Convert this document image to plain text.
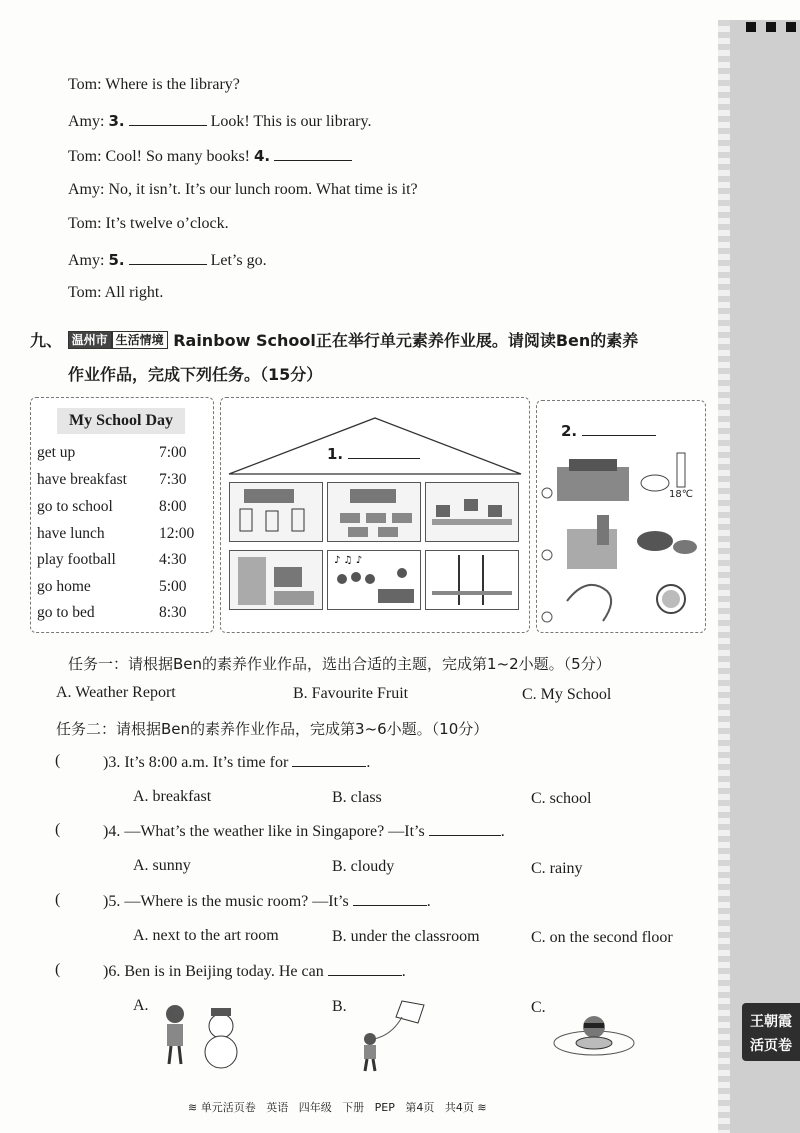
王朝霞
活页卷
Tom: Where is the library?
Amy: 3.	Look! This is our library.
Tom: Cool! So many books! 4.
Amy: No, it isn’t. It’s our lunch room. What time is it?
Tom: It’s twelve o’clock.
Amy: 5.	Let’s go.
Tom: All right.
九、 温州市 生活情境 Rainbow School正在举行单元素养作业展。请阅读Ben的素养
作业作品，完成下列任务。（15分）
My School Day
get up	7:00
have breakfast 7:30
go to school	8:00
have lunch	12:00
play football	4:30
go home	5:00
go to bed	8:30
1.
♪ ♫ ♪
2.
18℃
任务一：请根据Ben的素养作业作品，选出合适的主题，完成第1~2小题。（5分）
A. Weather Report	B. Favourite Fruit	C. My School
任务二：请根据Ben的素养作业作品，完成第3~6小题。（10分）
(	)3. It’s 8:00 a.m. It’s time for	.
A. breakfast	B. class	C. school
(	)4. —What’s the weather like in Singapore? —It’s	.
A. sunny	B. cloudy	C. rainy
(	)5. —Where is the music room? —It’s	.
A. next to the art room	B. under the classroom	C. on the second floor
(	)6. Ben is in Beijing today. He can	.
A.	B.	C.
≋ 单元活页卷   英语   四年级   下册   PEP   第4页   共4页 ≋
